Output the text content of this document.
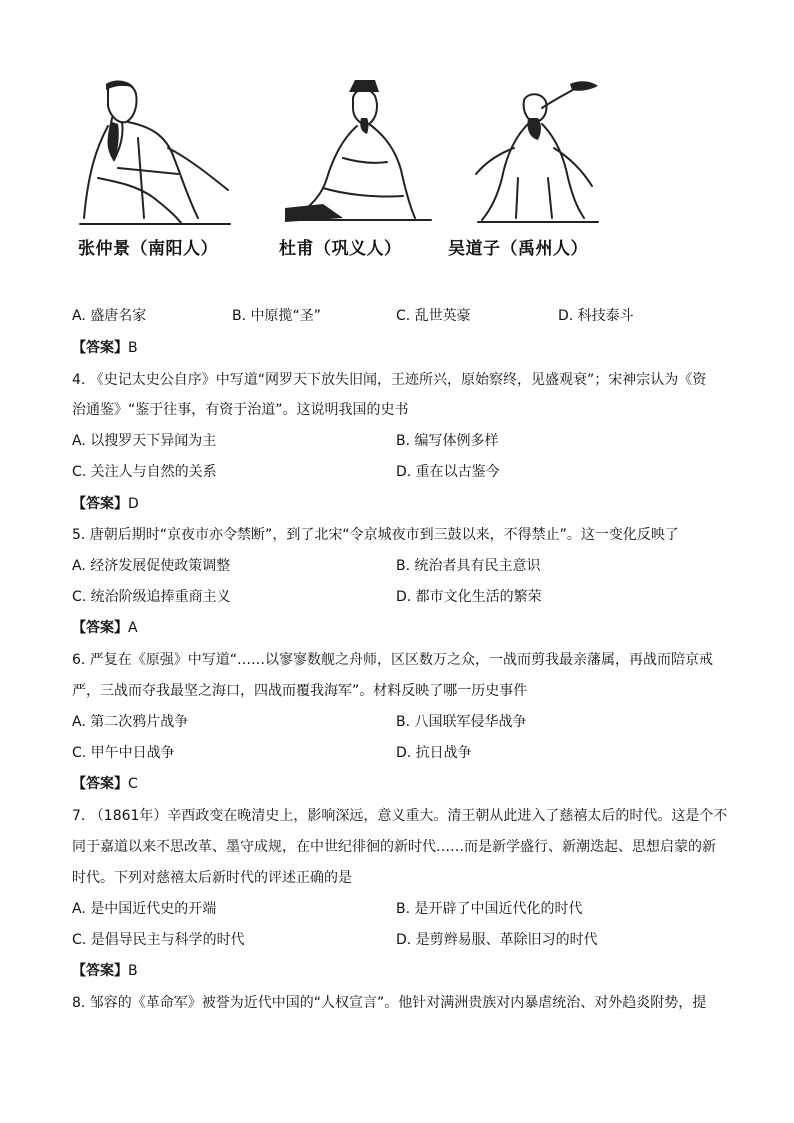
张仲景（南阳人）	杜甫（巩义人）	吴道子（禹州人）
A. 盛唐名家	B. 中原揽“圣”	C. 乱世英豪	D. 科技泰斗
【答案】B
4. 《史记太史公自序》中写道“网罗天下放失旧闻，王迹所兴，原始察终，见盛观衰”；宋神宗认为《资
治通鉴》“鉴于往事，有资于治道”。这说明我国的史书
A. 以搜罗天下异闻为主	B. 编写体例多样
C. 关注人与自然的关系	D. 重在以古鉴今
【答案】D
5. 唐朝后期时“京夜市亦令禁断”，到了北宋“令京城夜市到三鼓以来，不得禁止”。这一变化反映了
A. 经济发展促使政策调整	B. 统治者具有民主意识
C. 统治阶级追捧重商主义	D. 都市文化生活的繁荣
【答案】A
6. 严复在《原强》中写道“……以寥寥数舰之舟师，区区数万之众，一战而剪我最亲藩属，再战而陪京戒
严，三战而夺我最坚之海口，四战而覆我海军”。材料反映了哪一历史事件
A. 第二次鸦片战争	B. 八国联军侵华战争
C. 甲午中日战争	D. 抗日战争
【答案】C
7. （1861年）辛酉政变在晚清史上，影响深远，意义重大。清王朝从此进入了慈禧太后的时代。这是个不
同于嘉道以来不思改革、墨守成规，在中世纪徘徊的新时代……而是新学盛行、新潮迭起、思想启蒙的新
时代。下列对慈禧太后新时代的评述正确的是
A. 是中国近代史的开端	B. 是开辟了中国近代化的时代
C. 是倡导民主与科学的时代	D. 是剪辫易服、革除旧习的时代
【答案】B
8. 邹容的《革命军》被誉为近代中国的“人权宣言”。他针对满洲贵族对内暴虐统治、对外趋炎附势，提
